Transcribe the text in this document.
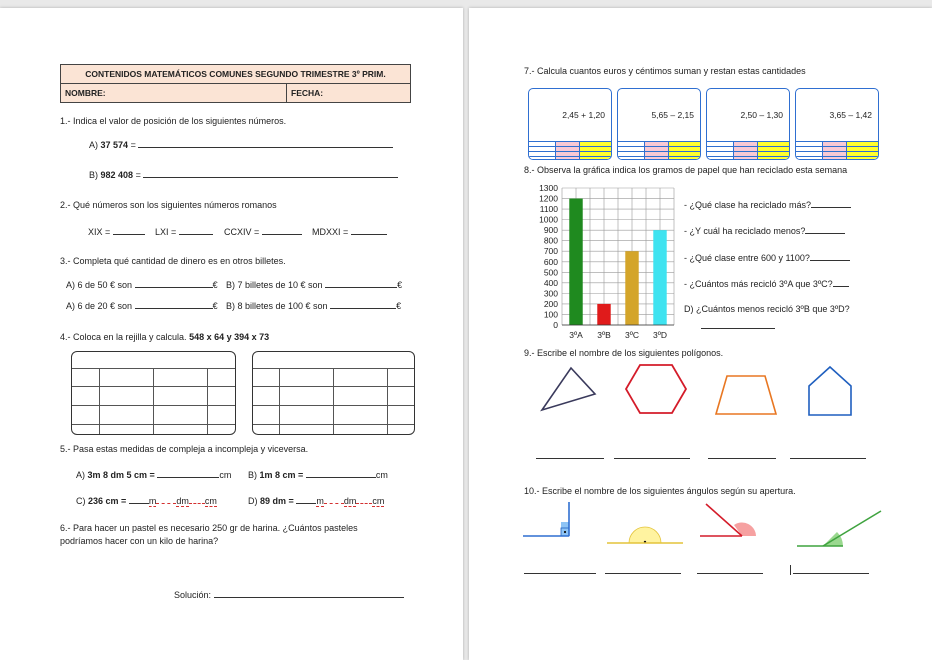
CONTENIDOS MATEMÁTICOS COMUNES SEGUNDO TRIMESTRE 3º PRIM.
NOMBRE:	FECHA:
1.- Indica el valor de posición de los siguientes números.
A) 37 574 =
B) 982 408 =
2.- Qué números son los siguientes números romanos
XIX =	LXI =	CCXIV =	MDXXI =
3.- Completa qué cantidad de dinero es en otros billetes.
A) 6 de 50 € son	€ B) 7 billetes de 10 € son	€
A) 6 de 20 € son	€ B) 8 billetes de 100 € son	€
4.- Coloca en la rejilla y calcula. 548 x 64 y 394 x 73

5.- Pasa estas medidas de compleja a incompleja y viceversa.
A) 3m 8 dm 5 cm =	cm B) 1m 8 cm =	cm
C) 236 cm =	m dm cm	D) 89 dm =	m dm cm
6.- Para hacer un pastel es necesario 250 gr de harina. ¿Cuántos pasteles
podríamos hacer con un kilo de harina?
Solución:
7.- Calcula cuantos euros y céntimos suman y restan estas cantidades
2,45 + 1,20		

			5,65 – 2,15		

			2,50 – 1,30		

			3,65 – 1,42		

8.- Observa la gráfica indica los gramos de papel que han reciclado esta semana
0
100
200
300
400
500
600
700
800
900
1000
1100
1200
1300
3ºA 3ºB 3ºC 3ºD
- ¿Qué clase ha reciclado más?
- ¿Y cuál ha reciclado menos?
- ¿Qué clase entre 600 y 1100?
- ¿Cuántos más recicló 3ºA que 3ºC?
D) ¿Cuántos menos recicló 3ºB que 3ºD?
9.- Escribe el nombre de los siguientes polígonos.
10.- Escribe el nombre de los siguientes ángulos según su apertura.
